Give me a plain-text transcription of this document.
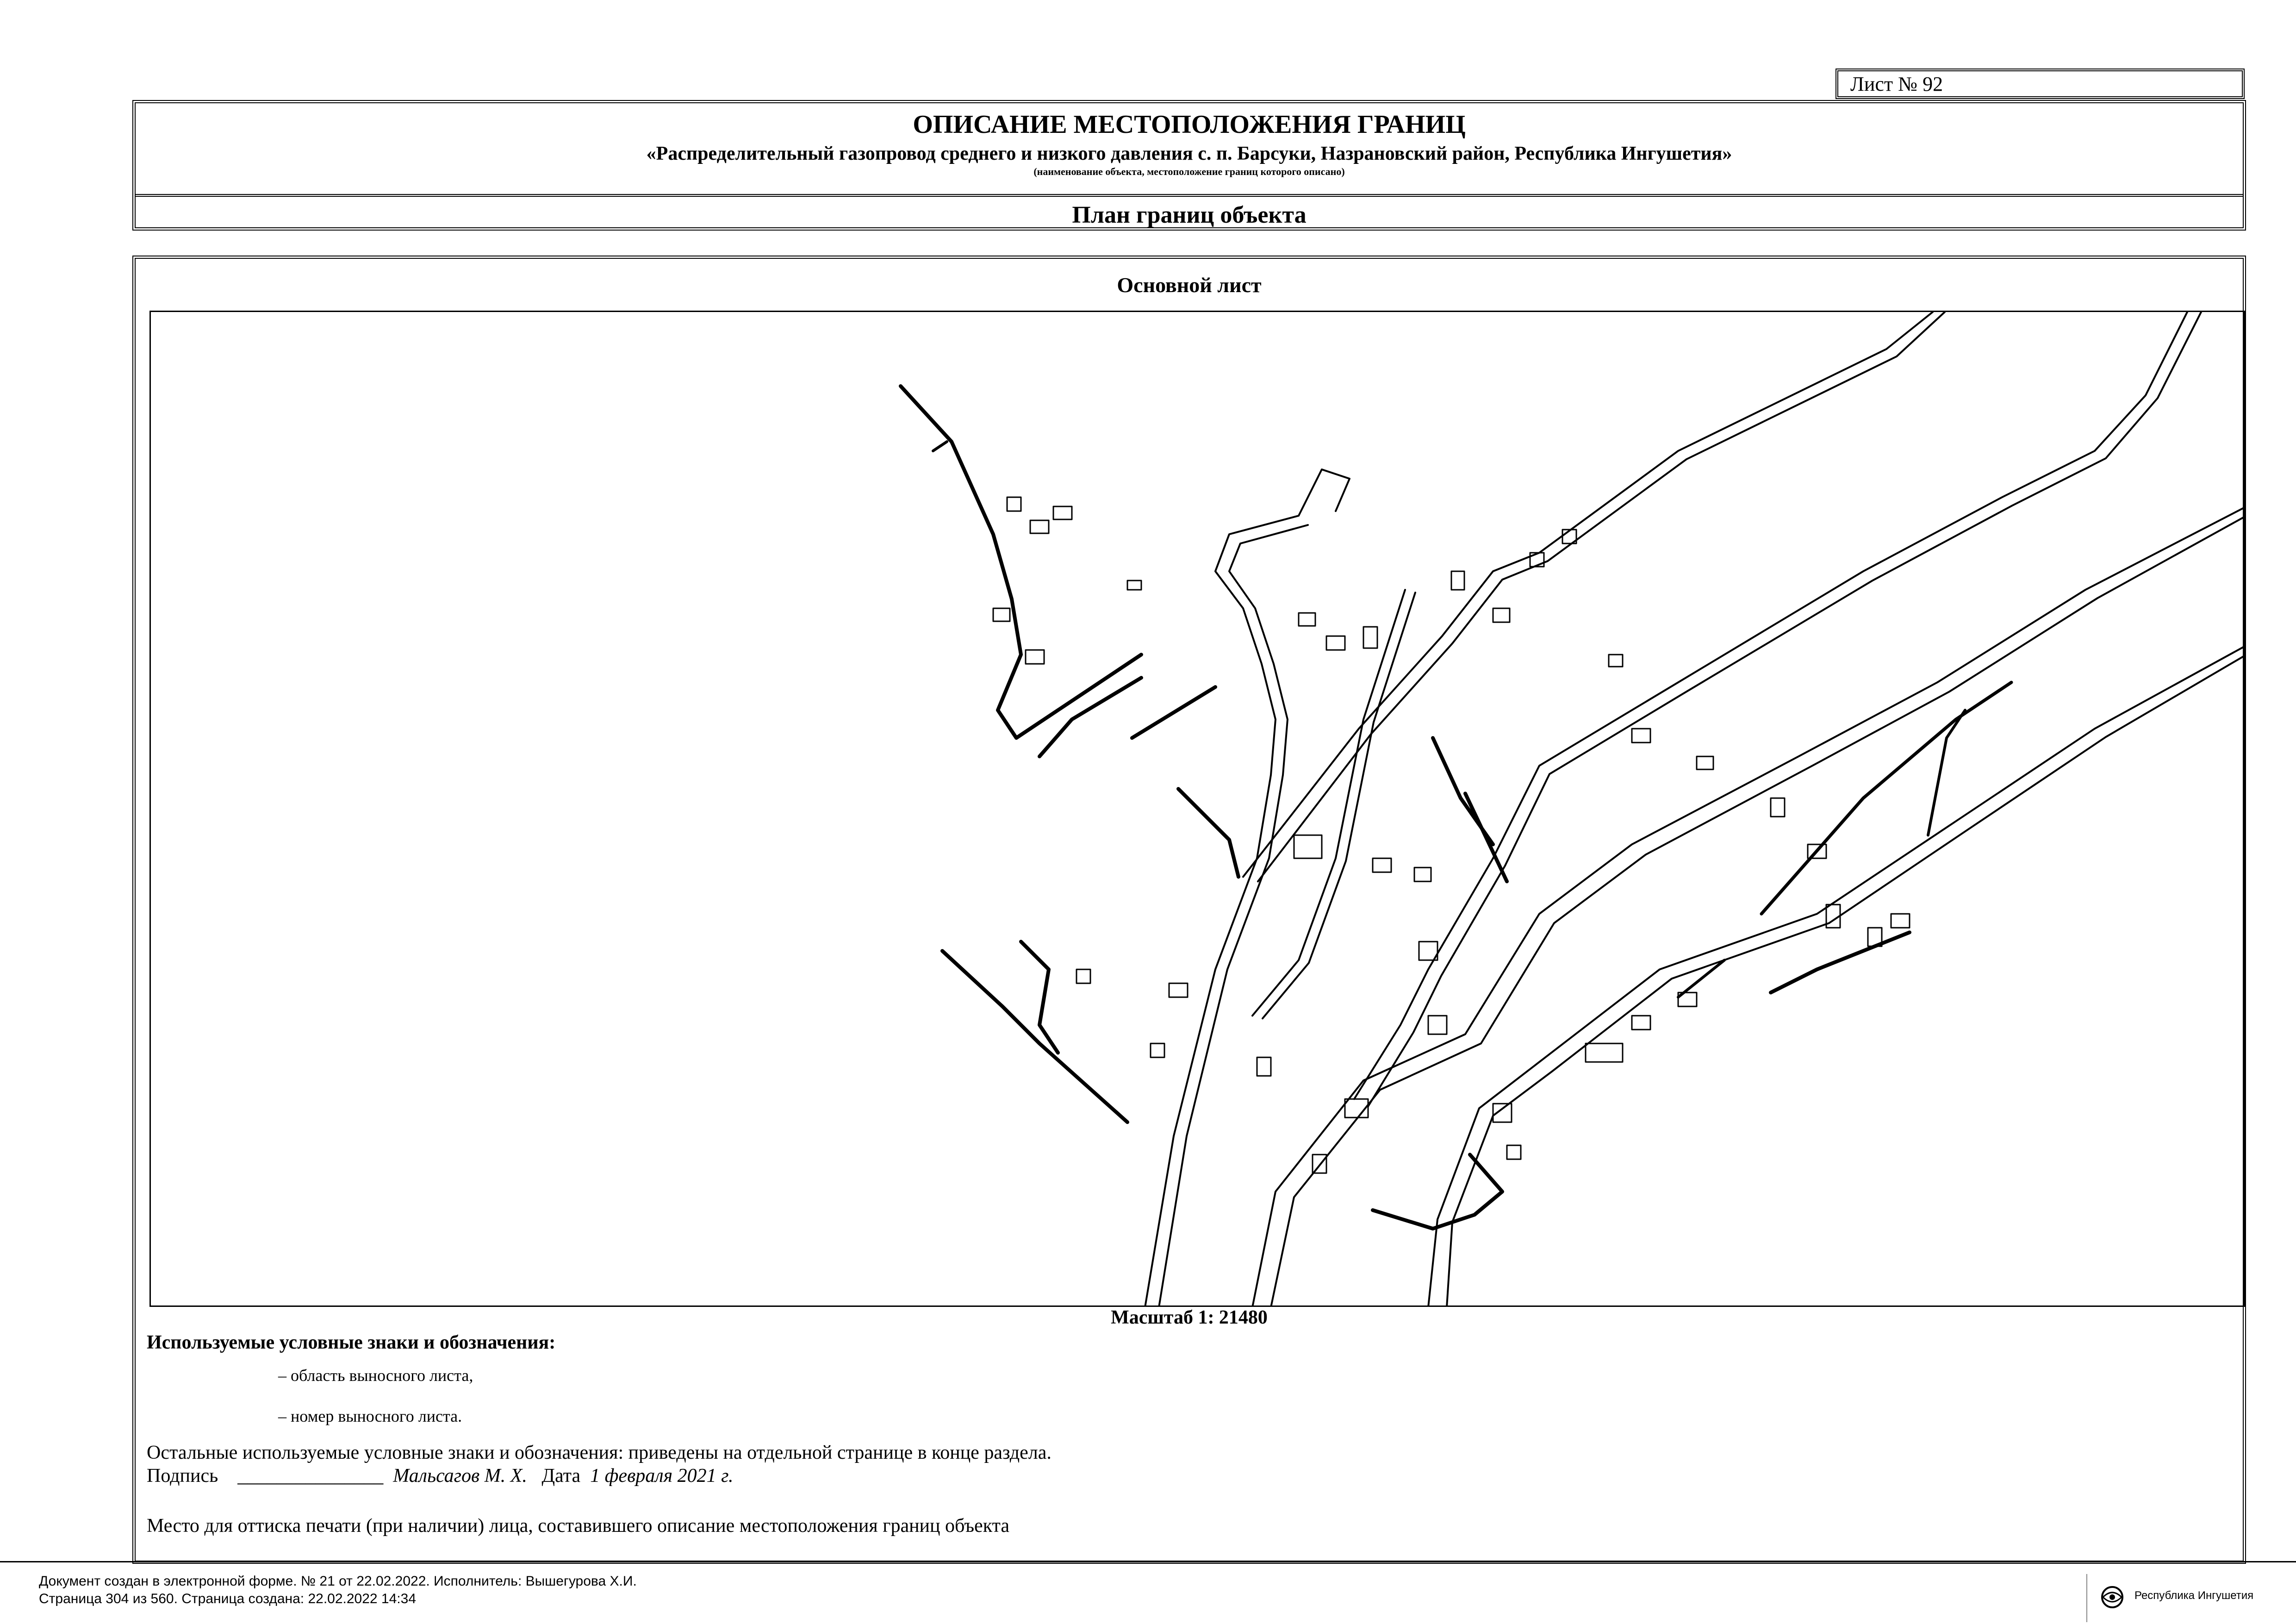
Лист № 92
ОПИСАНИЕ МЕСТОПОЛОЖЕНИЯ ГРАНИЦ
«Распределительный газопровод среднего и низкого давления с. п. Барсуки, Назрановский район, Республика Ингушетия»
(наименование объекта, местоположение границ которого описано)
План границ объекта
Основной лист
Масштаб 1: 21480
Используемые условные знаки и обозначения:
– область выносного листа,
– номер выносного листа.
Остальные используемые условные знаки и обозначения: приведены на отдельной странице в конце раздела.
Подпись _______________ Мальсагов М. Х. Дата 1 февраля 2021 г.
Место для оттиска печати (при наличии) лица, составившего описание местоположения границ объекта
Документ создан в электронной форме. № 21 от 22.02.2022. Исполнитель: Вышегурова Х.И.
Страница 304 из 560. Страница создана: 22.02.2022 14:34	Республика Ингушетия
